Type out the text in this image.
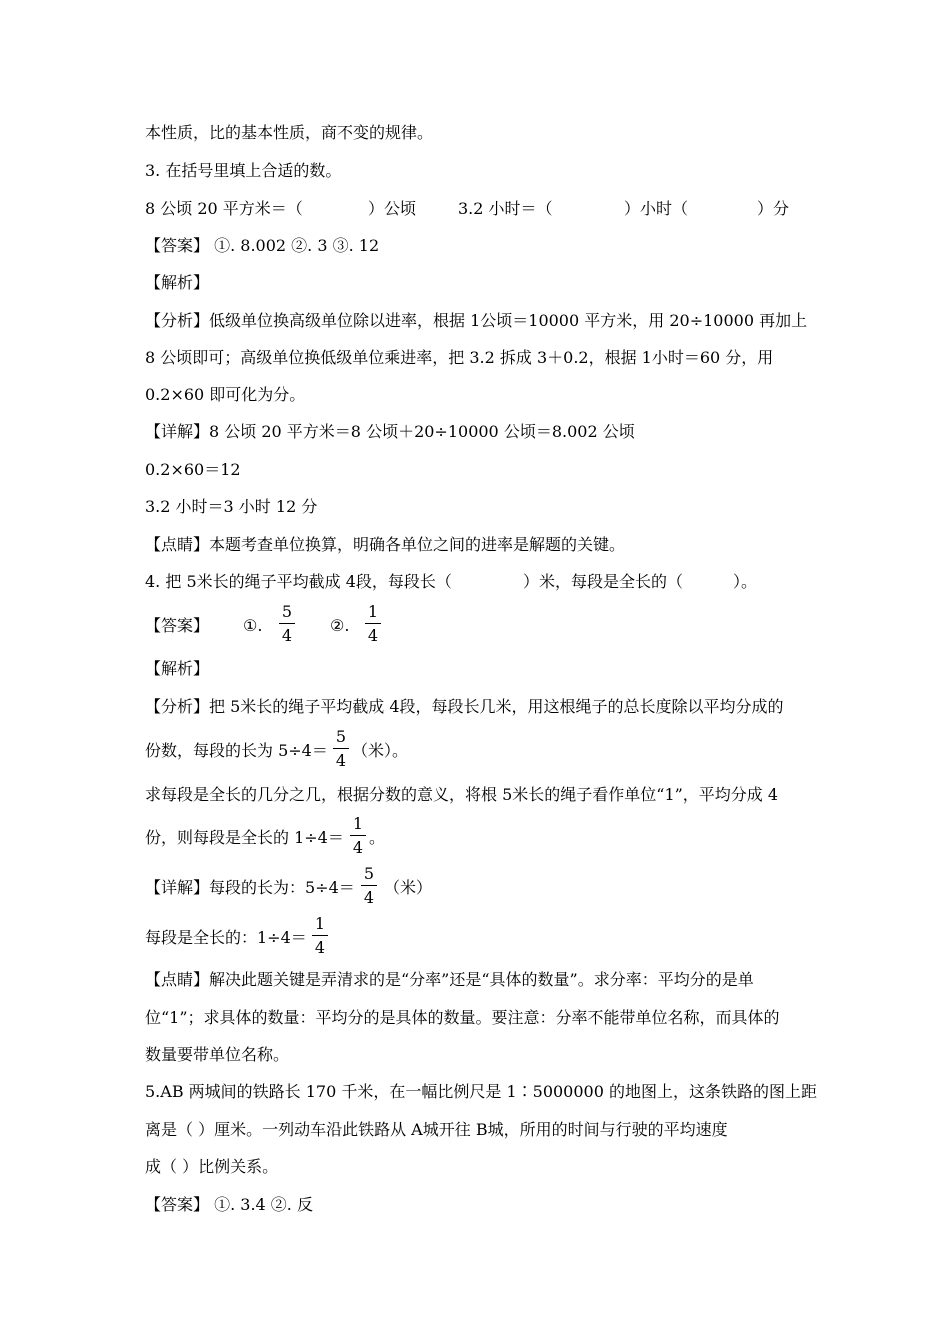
本性质，比的基本性质，商不变的规律。
3. 在括号里填上合适的数。
8 公顷 20 平方米＝（	）公顷	3.2 小时＝（	）小时（	）分
【答案】 ①. 8.002 ②. 3 ③. 12
【解析】
【分析】低级单位换高级单位除以进率，根据 1公顷＝10000 平方米，用 20÷10000 再加上
8 公顷即可；高级单位换低级单位乘进率，把 3.2 拆成 3＋0.2，根据 1小时＝60 分，用
0.2×60 即可化为分。
【详解】8 公顷 20 平方米＝8 公顷＋20÷10000 公顷＝8.002 公顷
0.2×60＝12
3.2 小时＝3 小时 12 分
【点睛】本题考查单位换算，明确各单位之间的进率是解题的关键。
4. 把 5米长的绳子平均截成 4段，每段长（	）米，每段是全长的（	）。
【答案】 ①.
5
4
②.
1
4
【解析】
【分析】把 5米长的绳子平均截成 4段，每段长几米，用这根绳子的总长度除以平均分成的
份数，每段的长为 5÷4＝
5
4
（米）。
求每段是全长的几分之几，根据分数的意义，将根 5米长的绳子看作单位“1”，平均分成 4
份，则每段是全长的 1÷4＝
1
4
。
【详解】每段的长为：5÷4＝
5
4
（米）
每段是全长的：1÷4＝
1
4
【点睛】解决此题关键是弄清求的是“分率”还是“具体的数量”。求分率：平均分的是单
位“1”；求具体的数量：平均分的是具体的数量。要注意：分率不能带单位名称，而具体的
数量要带单位名称。
5.AB 两城间的铁路长 170 千米，在一幅比例尺是 1∶5000000 的地图上，这条铁路的图上距
离是（ ）厘米。一列动车沿此铁路从 A城开往 B城，所用的时间与行驶的平均速度
成（ ）比例关系。
【答案】 ①. 3.4 ②. 反
